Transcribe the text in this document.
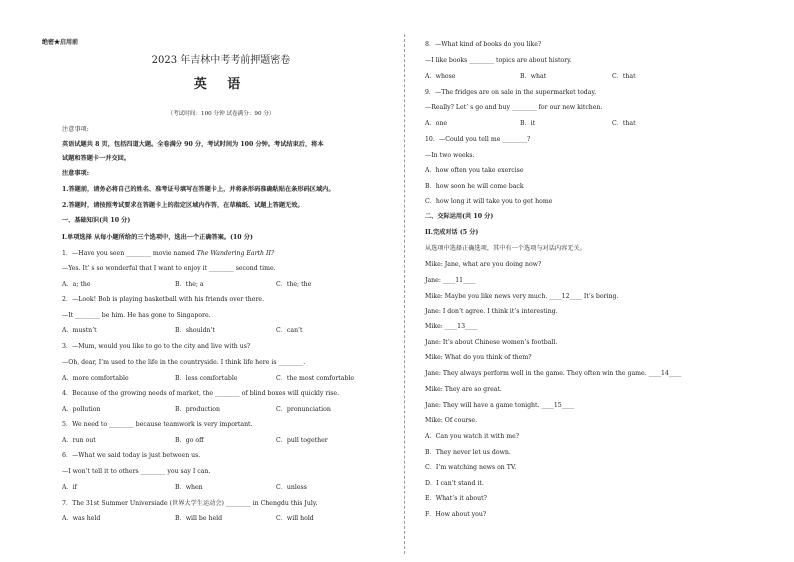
绝密★启用前
2023 年吉林中考考前押题密卷
英 语
（考试时间：100 分钟 试卷满分：90 分）
注意事项:
英语试题共 8 页，包括四道大题。全卷满分 90 分，考试时间为 100 分钟。考试结束后，将本
试题和答题卡一并交回。
注意事项:
1.答题前，请务必将自己的姓名、准考证号填写在答题卡上，并将条形码准确粘贴在条形码区域内。
2.答题时，请按照考试要求在答题卡上的指定区域内作答，在草稿纸、试题上答题无效。
一、基础知识(共 10 分)
I.单项选择 从每小题所给的三个选项中，选出一个正确答案。(10 分)
1．—Have you seen ________ movie named The Wandering Earth II?
—Yes. It’ s so wonderful that I want to enjoy it ________ second time.
A．a; the	B．the; a	C．the; the
2．—Look! Bob is playing basketball with his friends over there.
—It ________ be him. He has gone to Singapore.
A．mustn’t	B．shouldn’t	C．can’t
3．—Mum, would you like to go to the city and live with us?
—Oh, dear, I’m used to the life in the countryside. I think life here is ________.
A．more comfortable	B．less comfortable	C．the most comfortable
4．Because of the growing needs of market, the ________ of blind boxes will quickly rise.
A．pollution	B．production	C．pronunciation
5．We need to ________ because teamwork is very important.
A．run out	B．go off	C．pull together
6．—What we said today is just between us.
—I won’t tell it to others ________ you say I can.
A．if	B．when	C．unless
7．The 31st Summer Universiade (世界大学生运动会) ________ in Chengdu this July.
A．was held	B．will be held	C．will hold
8．—What kind of books do you like?
—I like books ________ topics are about history.
A．whose	B．what	C．that
9．—The fridges are on sale in the supermarket today.
—Really? Let’ s go and buy ________ for our new kitchen.
A．one	B．it	C．that
10．—Could you tell me ________?
—In two weeks.
A．how often you take exercise
B．how soon he will come back
C．how long it will take you to get home
二、交际运用(共 10 分)
II.完成对话 (5 分)
从选项中选择正确选项，其中有一个选项与对话内容无关。
Mike: Jane, what are you doing now?
Jane: ____11____
Mike: Maybe you like news very much. ____12____ It’s boring.
Jane: I don’t agree. I think it’s interesting.
Mike: ____13____
Jane: It’s about Chinese women’s football.
Mike: What do you think of them?
Jane: They always perform well in the game. They often win the game. ____14____
Mike: They are so great.
Jane: They will have a game tonight. ____15____
Mike: Of course.
A．Can you watch it with me?
B．They never let us down.
C．I’m watching news on TV.
D．I can’t stand it.
E．What’s it about?
F．How about you?
